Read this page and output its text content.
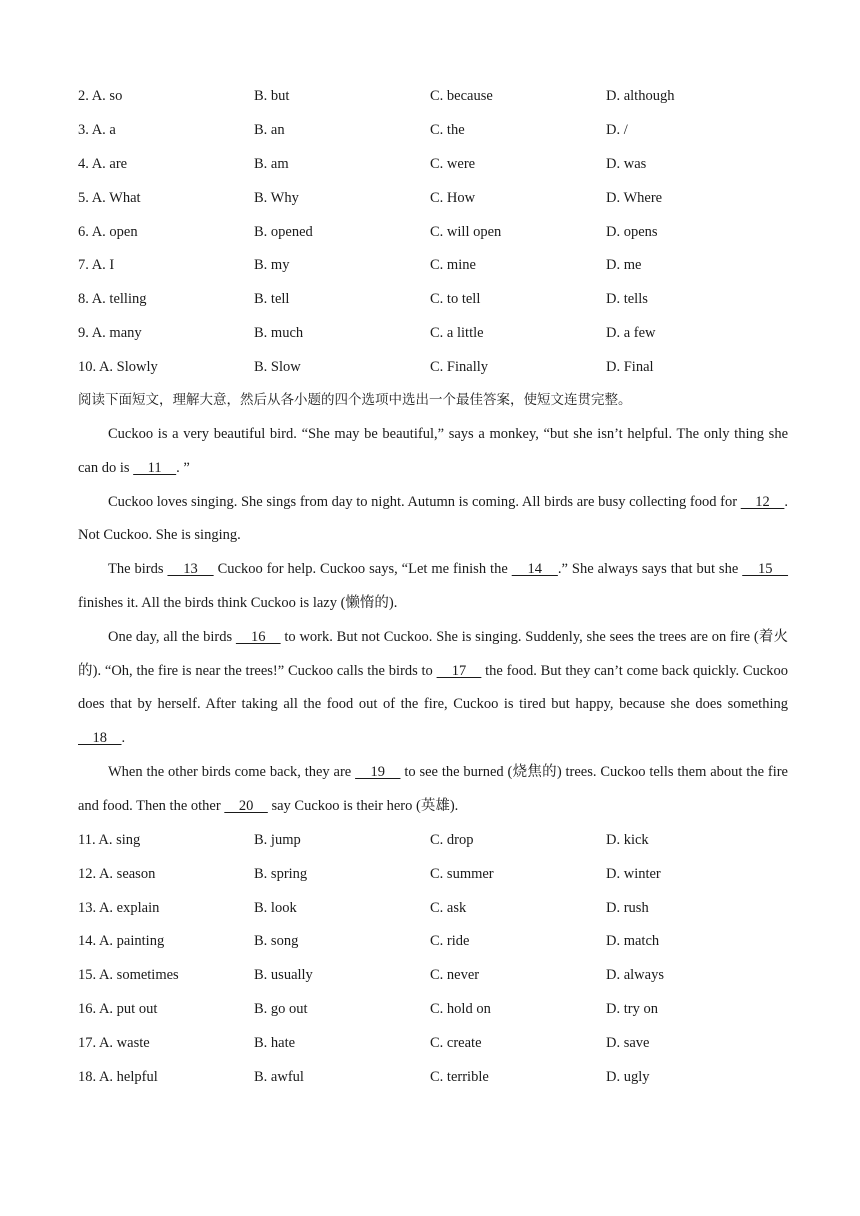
2. A. so	B. but	C. because	D. although
3. A. a	B. an	C. the	D. /
4. A. are	B. am	C. were	D. was
5. A. What	B. Why	C. How	D. Where
6. A. open	B. opened	C. will open	D. opens
7. A. I	B. my	C. mine	D. me
8. A. telling	B. tell	C. to tell	D. tells
9. A. many	B. much	C. a little	D. a few
10. A. Slowly	B. Slow	C. Finally	D. Final
阅读下面短文，理解大意，然后从各小题的四个选项中选出一个最佳答案，使短文连贯完整。
Cuckoo is a very beautiful bird. “She may be beautiful,” says a monkey, “but she isn’t helpful. The only thing she can do is     11    . ”
Cuckoo loves singing. She sings from day to night. Autumn is coming. All birds are busy collecting food for     12    . Not Cuckoo. She is singing.
The birds     13     Cuckoo for help. Cuckoo says, “Let me finish the     14    .” She always says that but she     15     finishes it. All the birds think Cuckoo is lazy (懒惰的).
One day, all the birds     16     to work. But not Cuckoo. She is singing. Suddenly, she sees the trees are on fire (着火的). “Oh, the fire is near the trees!” Cuckoo calls the birds to     17     the food. But they can’t come back quickly. Cuckoo does that by herself. After taking all the food out of the fire, Cuckoo is tired but happy, because she does something     18    .
When the other birds come back, they are     19     to see the burned (烧焦的) trees. Cuckoo tells them about the fire and food. Then the other     20     say Cuckoo is their hero (英雄).
11. A. sing	B. jump	C. drop	D. kick
12. A. season	B. spring	C. summer	D. winter
13. A. explain	B. look	C. ask	D. rush
14. A. painting	B. song	C. ride	D. match
15. A. sometimes	B. usually	C. never	D. always
16. A. put out	B. go out	C. hold on	D. try on
17. A. waste	B. hate	C. create	D. save
18. A. helpful	B. awful	C. terrible	D. ugly
